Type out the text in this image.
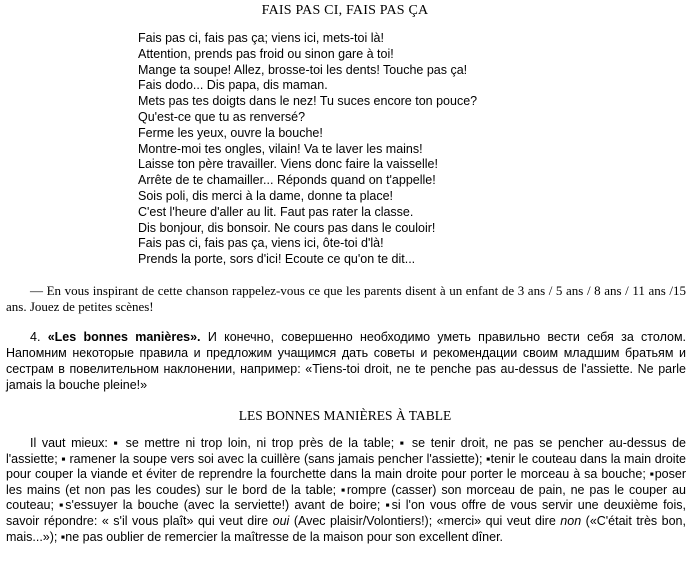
FAIS PAS CI, FAIS PAS ÇA
Fais pas ci, fais pas ça; viens ici, mets-toi là!
Attention, prends pas froid ou sinon gare à toi!
Mange ta soupe! Allez, brosse-toi les dents! Touche pas ça!
Fais dodo... Dis papa, dis maman.
Mets pas tes doigts dans le nez! Tu suces encore ton pouce?
Qu'est-ce que tu as renversé?
Ferme les yeux, ouvre la bouche!
Montre-moi tes ongles, vilain! Va te laver les mains!
Laisse ton père travailler. Viens donc faire la vaisselle!
Arrête de te chamailler... Réponds quand on t'appelle!
Sois poli, dis merci à la dame, donne ta place!
C'est l'heure d'aller au lit. Faut pas rater la classe.
Dis bonjour, dis bonsoir. Ne cours pas dans le couloir!
Fais pas ci, fais pas ça, viens ici, ôte-toi d'là!
Prends la porte, sors d'ici! Ecoute ce qu'on te dit...

— En vous inspirant de cette chanson rappelez-vous ce que les parents disent à un enfant de 3 ans / 5 ans / 8 ans / 11 ans /15 ans. Jouez de petites scènes!

4. «Les bonnes manières». И конечно, совершенно необходимо уметь правильно вести себя за столом. Напомним некоторые правила и предложим учащимся дать советы и рекомендации своим младшим братьям и сестрам в повелительном наклонении, например: «Tiens-toi droit, ne te penche pas au-dessus de l'assiette. Ne parle jamais la bouche pleine!»

LES BONNES MANIÈRES À TABLE

Il vaut mieux: ▪ se mettre ni trop loin, ni trop près de la table; ▪ se tenir droit, ne pas se pencher au-dessus de l'assiette; ▪ ramener la soupe vers soi avec la cuillère (sans jamais pencher l'assiette); ▪tenir le couteau dans la main droite pour couper la viande et éviter de reprendre la fourchette dans la main droite pour porter le morceau à sa bouche; ▪poser les mains (et non pas les coudes) sur le bord de la table; ▪rompre (casser) son morceau de pain, ne pas le couper au couteau; ▪s'essuyer la bouche (avec la serviette!) avant de boire; ▪si l'on vous offre de vous servir une deuxième fois, savoir répondre: « s'il vous plaît» qui veut dire oui (Avec plaisir/Volontiers!); «merci» qui veut dire non («C'était très bon, mais...»); ▪ne pas oublier de remercier la maîtresse de la maison pour son excellent dîner.
